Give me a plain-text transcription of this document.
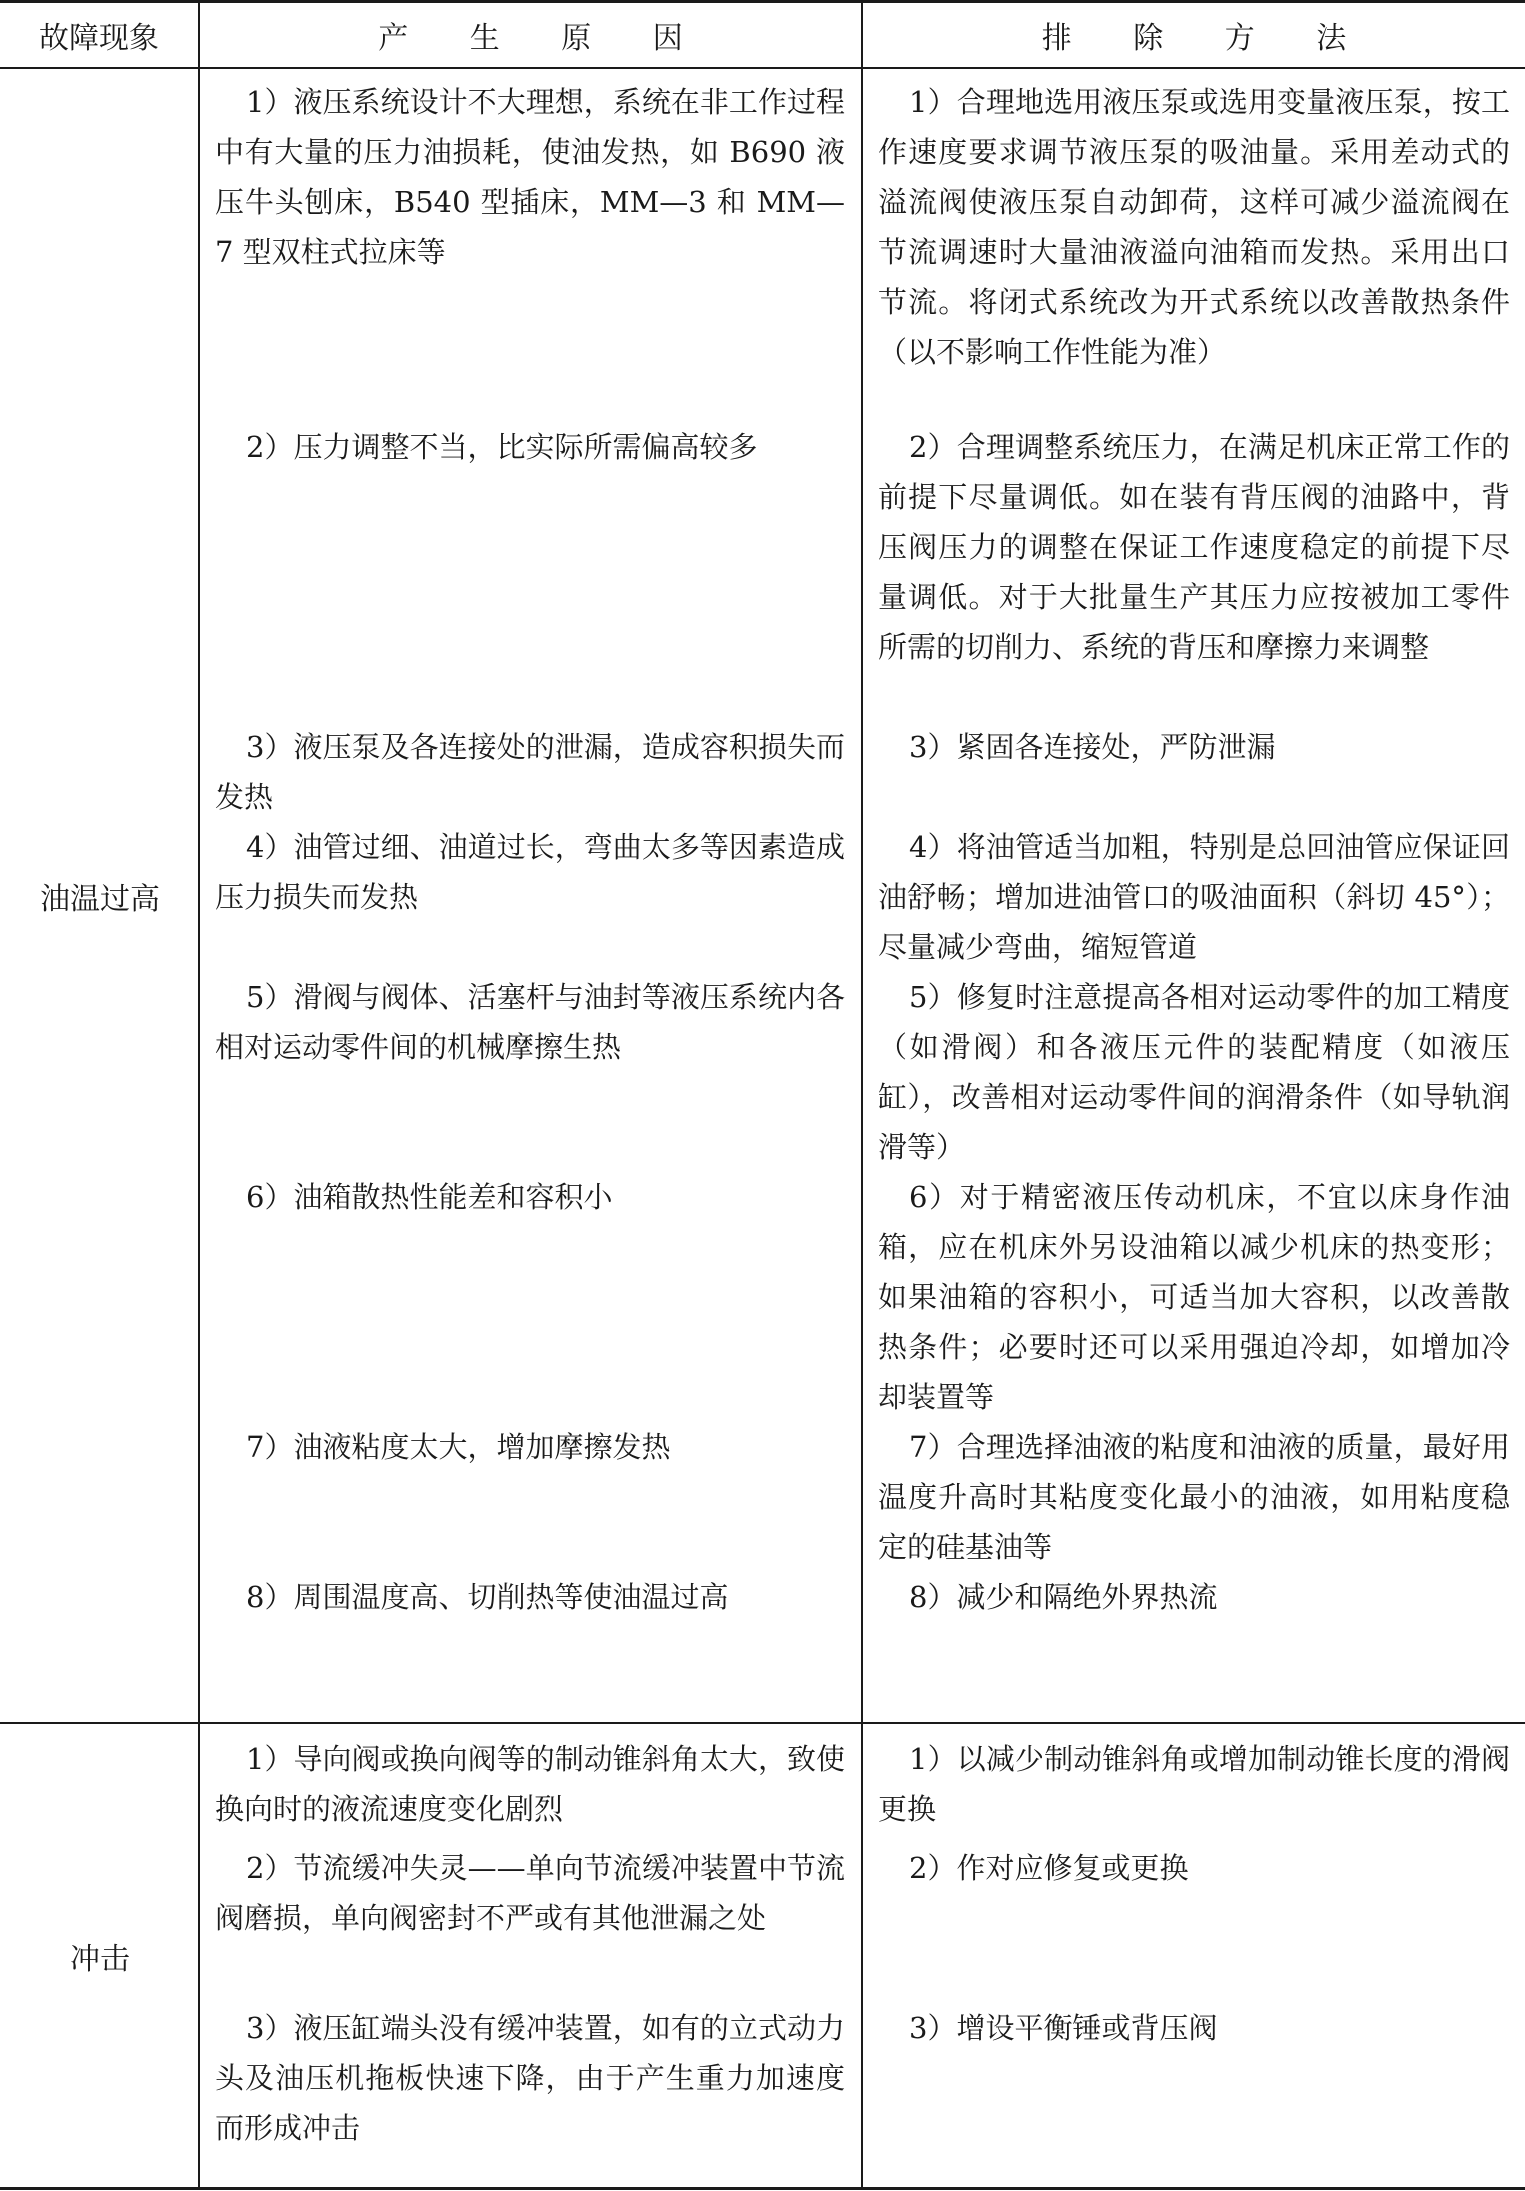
故障现象	产 生 原 因	排 除 方 法
油温过高
1）液压系统设计不大理想，系统在非工作过程中有大量的压力油损耗，使油发热，如 B690 液压牛头刨床，B540 型插床，MM—3 和 MM—7 型双柱式拉床等
2）压力调整不当，比实际所需偏高较多
3）液压泵及各连接处的泄漏，造成容积损失而发热
4）油管过细、油道过长，弯曲太多等因素造成压力损失而发热
5）滑阀与阀体、活塞杆与油封等液压系统内各相对运动零件间的机械摩擦生热
6）油箱散热性能差和容积小
7）油液粘度太大，增加摩擦发热
8）周围温度高、切削热等使油温过高
1）合理地选用液压泵或选用变量液压泵，按工作速度要求调节液压泵的吸油量。采用差动式的溢流阀使液压泵自动卸荷，这样可减少溢流阀在节流调速时大量油液溢向油箱而发热。采用出口节流。将闭式系统改为开式系统以改善散热条件（以不影响工作性能为准）
2）合理调整系统压力，在满足机床正常工作的前提下尽量调低。如在装有背压阀的油路中，背压阀压力的调整在保证工作速度稳定的前提下尽量调低。对于大批量生产其压力应按被加工零件所需的切削力、系统的背压和摩擦力来调整
3）紧固各连接处，严防泄漏
4）将油管适当加粗，特别是总回油管应保证回油舒畅；增加进油管口的吸油面积（斜切 45°）；尽量减少弯曲，缩短管道
5）修复时注意提高各相对运动零件的加工精度（如滑阀）和各液压元件的装配精度（如液压缸），改善相对运动零件间的润滑条件（如导轨润滑等）
6）对于精密液压传动机床，不宜以床身作油箱，应在机床外另设油箱以减少机床的热变形；如果油箱的容积小，可适当加大容积，以改善散热条件；必要时还可以采用强迫冷却，如增加冷却装置等
7）合理选择油液的粘度和油液的质量，最好用温度升高时其粘度变化最小的油液，如用粘度稳定的硅基油等
8）减少和隔绝外界热流
冲击
1）导向阀或换向阀等的制动锥斜角太大，致使换向时的液流速度变化剧烈
2）节流缓冲失灵——单向节流缓冲装置中节流阀磨损，单向阀密封不严或有其他泄漏之处
3）液压缸端头没有缓冲装置，如有的立式动力头及油压机拖板快速下降，由于产生重力加速度而形成冲击
1）以减少制动锥斜角或增加制动锥长度的滑阀更换
2）作对应修复或更换
3）增设平衡锤或背压阀
